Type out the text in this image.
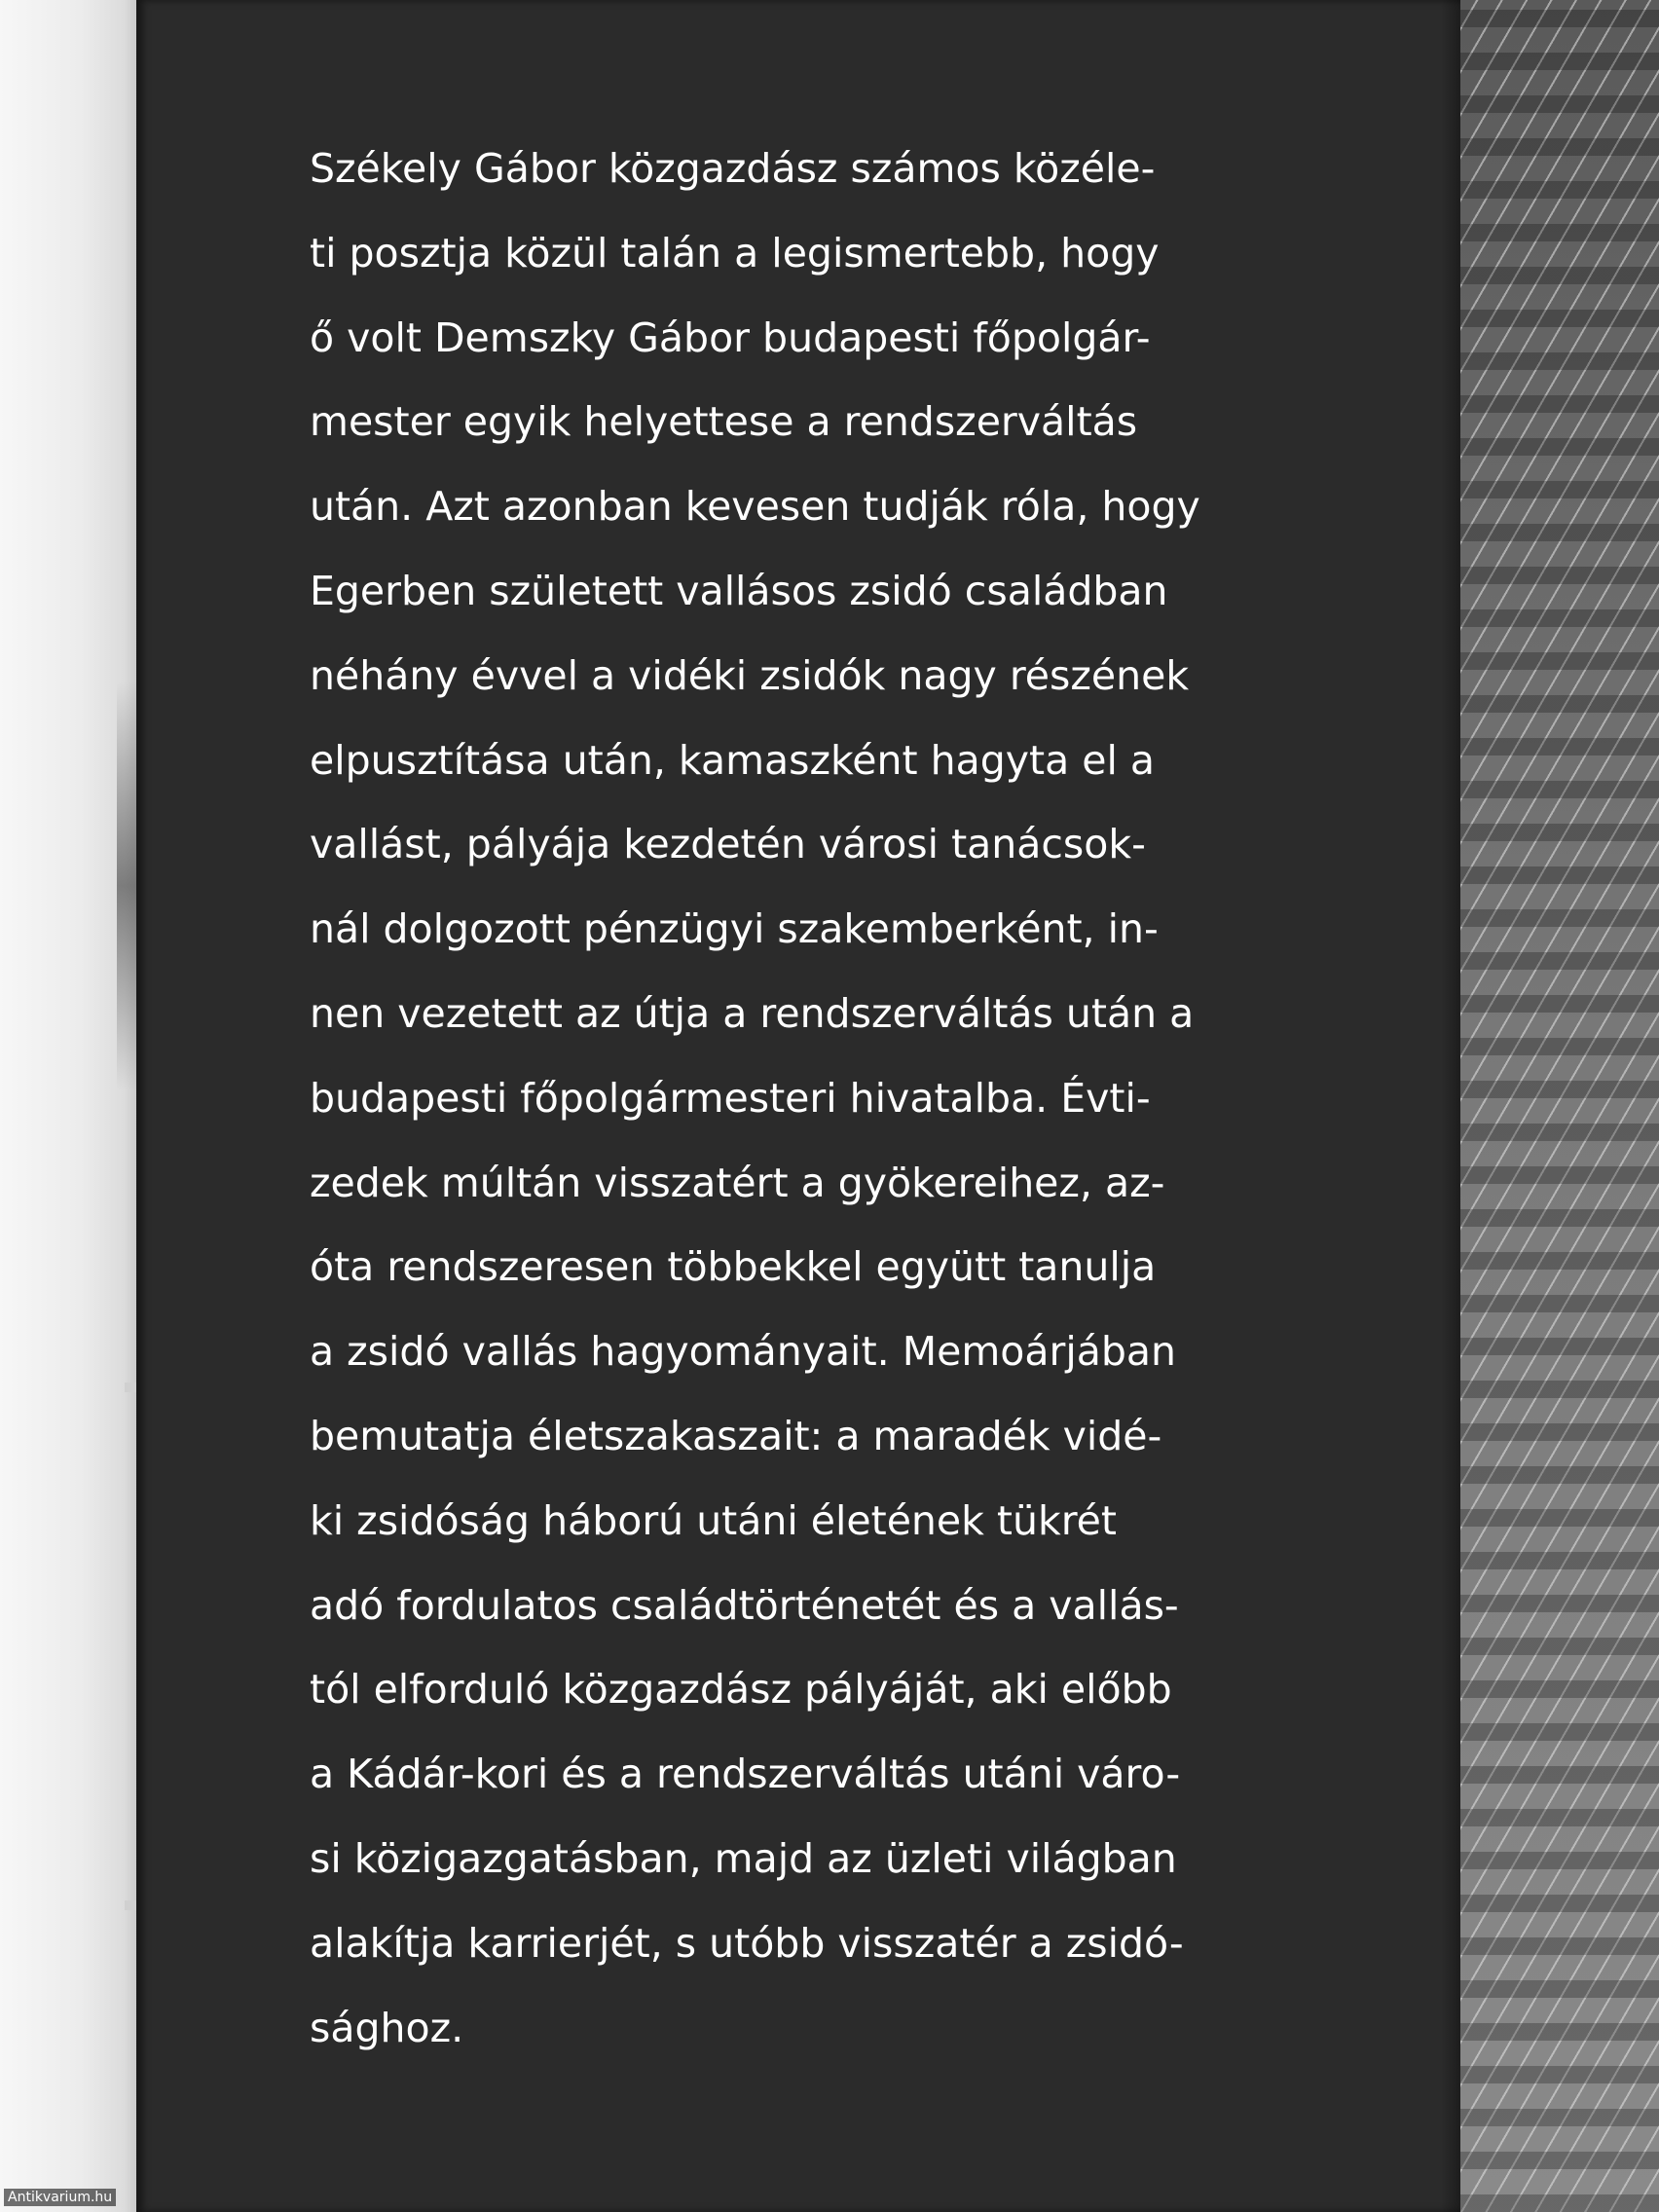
Székely Gábor közgazdász számos közéle-
ti posztja közül talán a legismertebb, hogy
ő volt Demszky Gábor budapesti főpolgár-
mester egyik helyettese a rendszerváltás
után. Azt azonban kevesen tudják róla, hogy
Egerben született vallásos zsidó családban
néhány évvel a vidéki zsidók nagy részének
elpusztítása után, kamaszként hagyta el a
vallást, pályája kezdetén városi tanácsok-
nál dolgozott pénzügyi szakemberként, in-
nen vezetett az útja a rendszerváltás után a
budapesti főpolgármesteri hivatalba. Évti-
zedek múltán visszatért a gyökereihez, az-
óta rendszeresen többekkel együtt tanulja
a zsidó vallás hagyományait. Memoárjában
bemutatja életszakaszait: a maradék vidé-
ki zsidóság háború utáni életének tükrét
adó fordulatos családtörténetét és a vallás-
tól elforduló közgazdász pályáját, aki előbb
a Kádár-kori és a rendszerváltás utáni váro-
si közigazgatásban, majd az üzleti világban
alakítja karrierjét, s utóbb visszatér a zsidó-
sághoz.

Antikvarium.hu
